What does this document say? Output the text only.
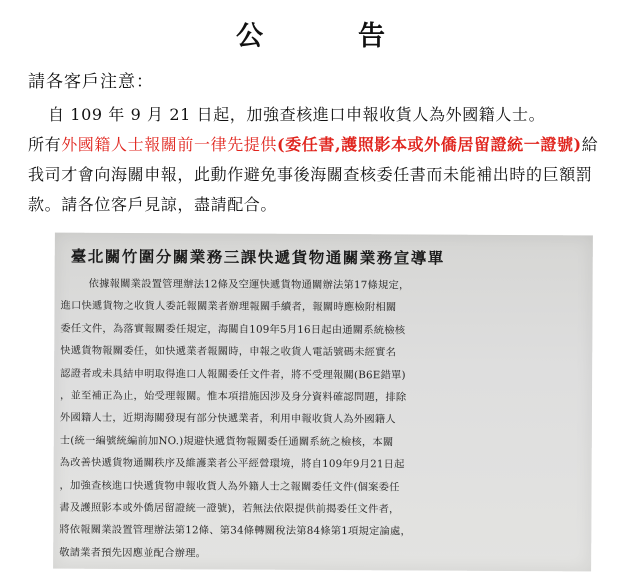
公　告
請各客戶注意：

自 109 年 9 月 21 日起，加強查核進口申報收貨人為外國籍人士。

所有外國籍人士報關前一律先提供(委任書,護照影本或外僑居留證統一證號)給我司才會向海關申報，此動作避免事後海關查核委任書而未能補出時的巨額罰款。請各位客戶見諒，盡請配合。

臺北關竹圍分關業務三課快遞貨物通關業務宣導單
依據報關業設置管理辦法12條及空運快遞貨物通關辦法第17條規定，
進口快遞貨物之收貨人委託報關業者辦理報關手續者，報關時應檢附相關
委任文件，為落實報關委任規定，海關自109年5月16日起由通關系統檢核
快遞貨物報關委任，如快遞業者報關時，申報之收貨人電話號碼未經實名
認證者或未具結申明取得進口人報關委任文件者，將不受理報關(B6E錯單)
，並至補正為止，始受理報關。惟本項措施因涉及身分資料確認問題，排除
外國籍人士，近期海關發現有部分快遞業者，利用申報收貨人為外國籍人
士(統一編號統編前加NO.)規避快遞貨物報關委任通關系統之檢核，本關
為改善快遞貨物通關秩序及維護業者公平經營環境，將自109年9月21日起
，加強查核進口快遞貨物申報收貨人為外籍人士之報關委任文件(個案委任
書及護照影本或外僑居留證統一證號)，若無法依限提供前揭委任文件者，
將依報關業設置管理辦法第12條、第34條轉關稅法第84條第1項規定論處，
敬請業者預先因應並配合辦理。
